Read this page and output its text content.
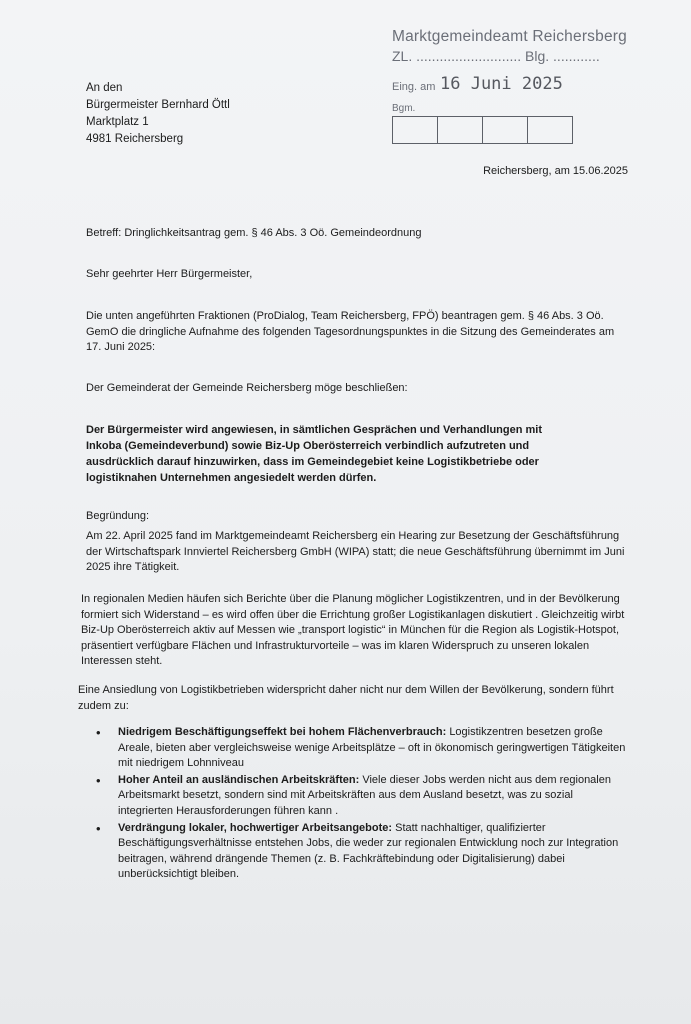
Marktgemeindeamt Reichersberg
ZL. ........................... Blg. ............
Eing. am 16 Juni 2025
Bgm.
An den
Bürgermeister Bernhard Öttl
Marktplatz 1
4981 Reichersberg
Reichersberg, am 15.06.2025
Betreff: Dringlichkeitsantrag gem. § 46 Abs. 3 Oö. Gemeindeordnung
Sehr geehrter Herr Bürgermeister,
Die unten angeführten Fraktionen (ProDialog, Team Reichersberg, FPÖ) beantragen gem. § 46 Abs. 3 Oö. GemO die dringliche Aufnahme des folgenden Tagesordnungspunktes in die Sitzung des Gemeinderates am 17. Juni 2025:
Der Gemeinderat der Gemeinde Reichersberg möge beschließen:
Der Bürgermeister wird angewiesen, in sämtlichen Gesprächen und Verhandlungen mit Inkoba (Gemeindeverbund) sowie Biz-Up Oberösterreich verbindlich aufzutreten und ausdrücklich darauf hinzuwirken, dass im Gemeindegebiet keine Logistikbetriebe oder logistiknahen Unternehmen angesiedelt werden dürfen.
Begründung:
Am 22. April 2025 fand im Marktgemeindeamt Reichersberg ein Hearing zur Besetzung der Geschäftsführung der Wirtschaftspark Innviertel Reichersberg GmbH (WIPA) statt; die neue Geschäftsführung übernimmt im Juni 2025 ihre Tätigkeit.
In regionalen Medien häufen sich Berichte über die Planung möglicher Logistikzentren, und in der Bevölkerung formiert sich Widerstand – es wird offen über die Errichtung großer Logistikanlagen diskutiert . Gleichzeitig wirbt Biz-Up Oberösterreich aktiv auf Messen wie „transport logistic“ in München für die Region als Logistik-Hotspot, präsentiert verfügbare Flächen und Infrastrukturvorteile – was im klaren Widerspruch zu unseren lokalen Interessen steht.
Eine Ansiedlung von Logistikbetrieben widerspricht daher nicht nur dem Willen der Bevölkerung, sondern führt zudem zu:
• Niedrigem Beschäftigungseffekt bei hohem Flächenverbrauch: Logistikzentren besetzen große Areale, bieten aber vergleichsweise wenige Arbeitsplätze – oft in ökonomisch geringwertigen Tätigkeiten mit niedrigem Lohnniveau
• Hoher Anteil an ausländischen Arbeitskräften: Viele dieser Jobs werden nicht aus dem regionalen Arbeitsmarkt besetzt, sondern sind mit Arbeitskräften aus dem Ausland besetzt, was zu sozial integrierten Herausforderungen führen kann .
• Verdrängung lokaler, hochwertiger Arbeitsangebote: Statt nachhaltiger, qualifizierter Beschäftigungsverhältnisse entstehen Jobs, die weder zur regionalen Entwicklung noch zur Integration beitragen, während drängende Themen (z. B. Fachkräftebindung oder Digitalisierung) dabei unberücksichtigt bleiben.
